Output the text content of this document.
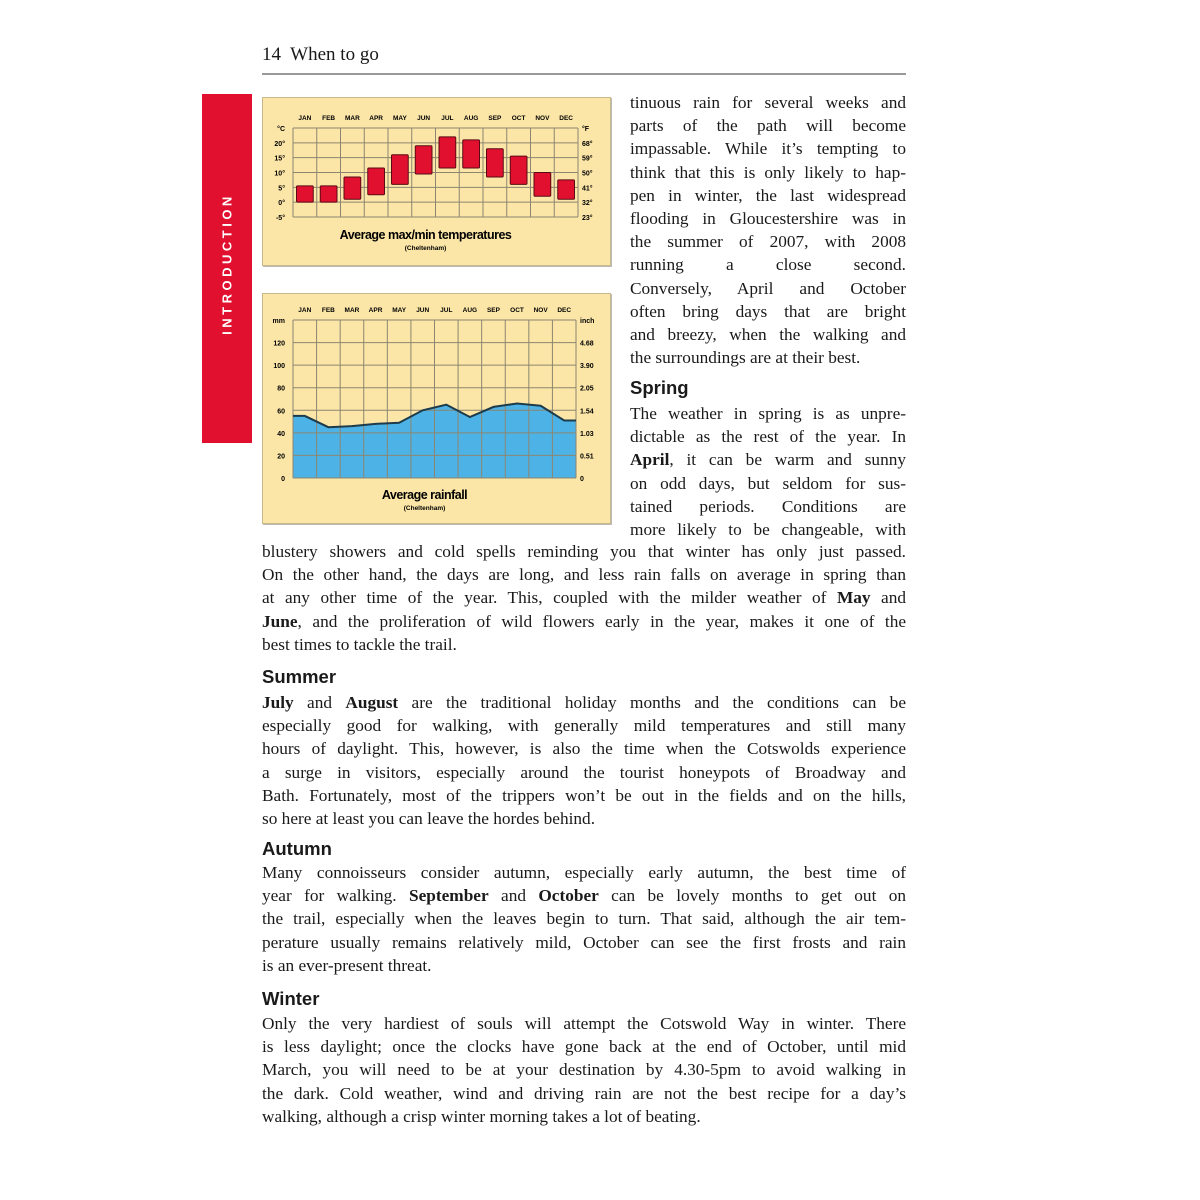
14 When to go
INTRODUCTION
JAN FEB MAR APR MAY JUN JUL AUG SEP OCT NOV DEC
°C	°F
20°
15°
10°
5°
0°
-5°
68°
59°
50°
41°
32°
23°
Average max/min temperatures
(Cheltenham)
JAN FEB MAR APR MAY JUN JUL AUG SEP OCT NOV DEC
mm	inch
120
100
80
60
40
20
0
4.68
3.90
2.05
1.54
1.03
0.51
0
Average rainfall
(Cheltenham)
tinuous rain for several weeks and
parts of the path will become
impassable. While it’s tempting to
think that this is only likely to hap-
pen in winter, the last widespread
flooding in Gloucestershire was in
the summer of 2007, with 2008
running a close second.
Conversely, April and October
often bring days that are bright
and breezy, when the walking and
the surroundings are at their best.
Spring
The weather in spring is as unpre-
dictable as the rest of the year. In
April, it can be warm and sunny
on odd days, but seldom for sus-
tained periods. Conditions are
more likely to be changeable, with
blustery showers and cold spells reminding you that winter has only just passed.
On the other hand, the days are long, and less rain falls on average in spring than
at any other time of the year. This, coupled with the milder weather of May and
June, and the proliferation of wild flowers early in the year, makes it one of the
best times to tackle the trail.
Summer
July and August are the traditional holiday months and the conditions can be
especially good for walking, with generally mild temperatures and still many
hours of daylight. This, however, is also the time when the Cotswolds experience
a surge in visitors, especially around the tourist honeypots of Broadway and
Bath. Fortunately, most of the trippers won’t be out in the fields and on the hills,
so here at least you can leave the hordes behind.
Autumn
Many connoisseurs consider autumn, especially early autumn, the best time of
year for walking. September and October can be lovely months to get out on
the trail, especially when the leaves begin to turn. That said, although the air tem-
perature usually remains relatively mild, October can see the first frosts and rain
is an ever-present threat.
Winter
Only the very hardiest of souls will attempt the Cotswold Way in winter. There
is less daylight; once the clocks have gone back at the end of October, until mid
March, you will need to be at your destination by 4.30-5pm to avoid walking in
the dark. Cold weather, wind and driving rain are not the best recipe for a day’s
walking, although a crisp winter morning takes a lot of beating.
